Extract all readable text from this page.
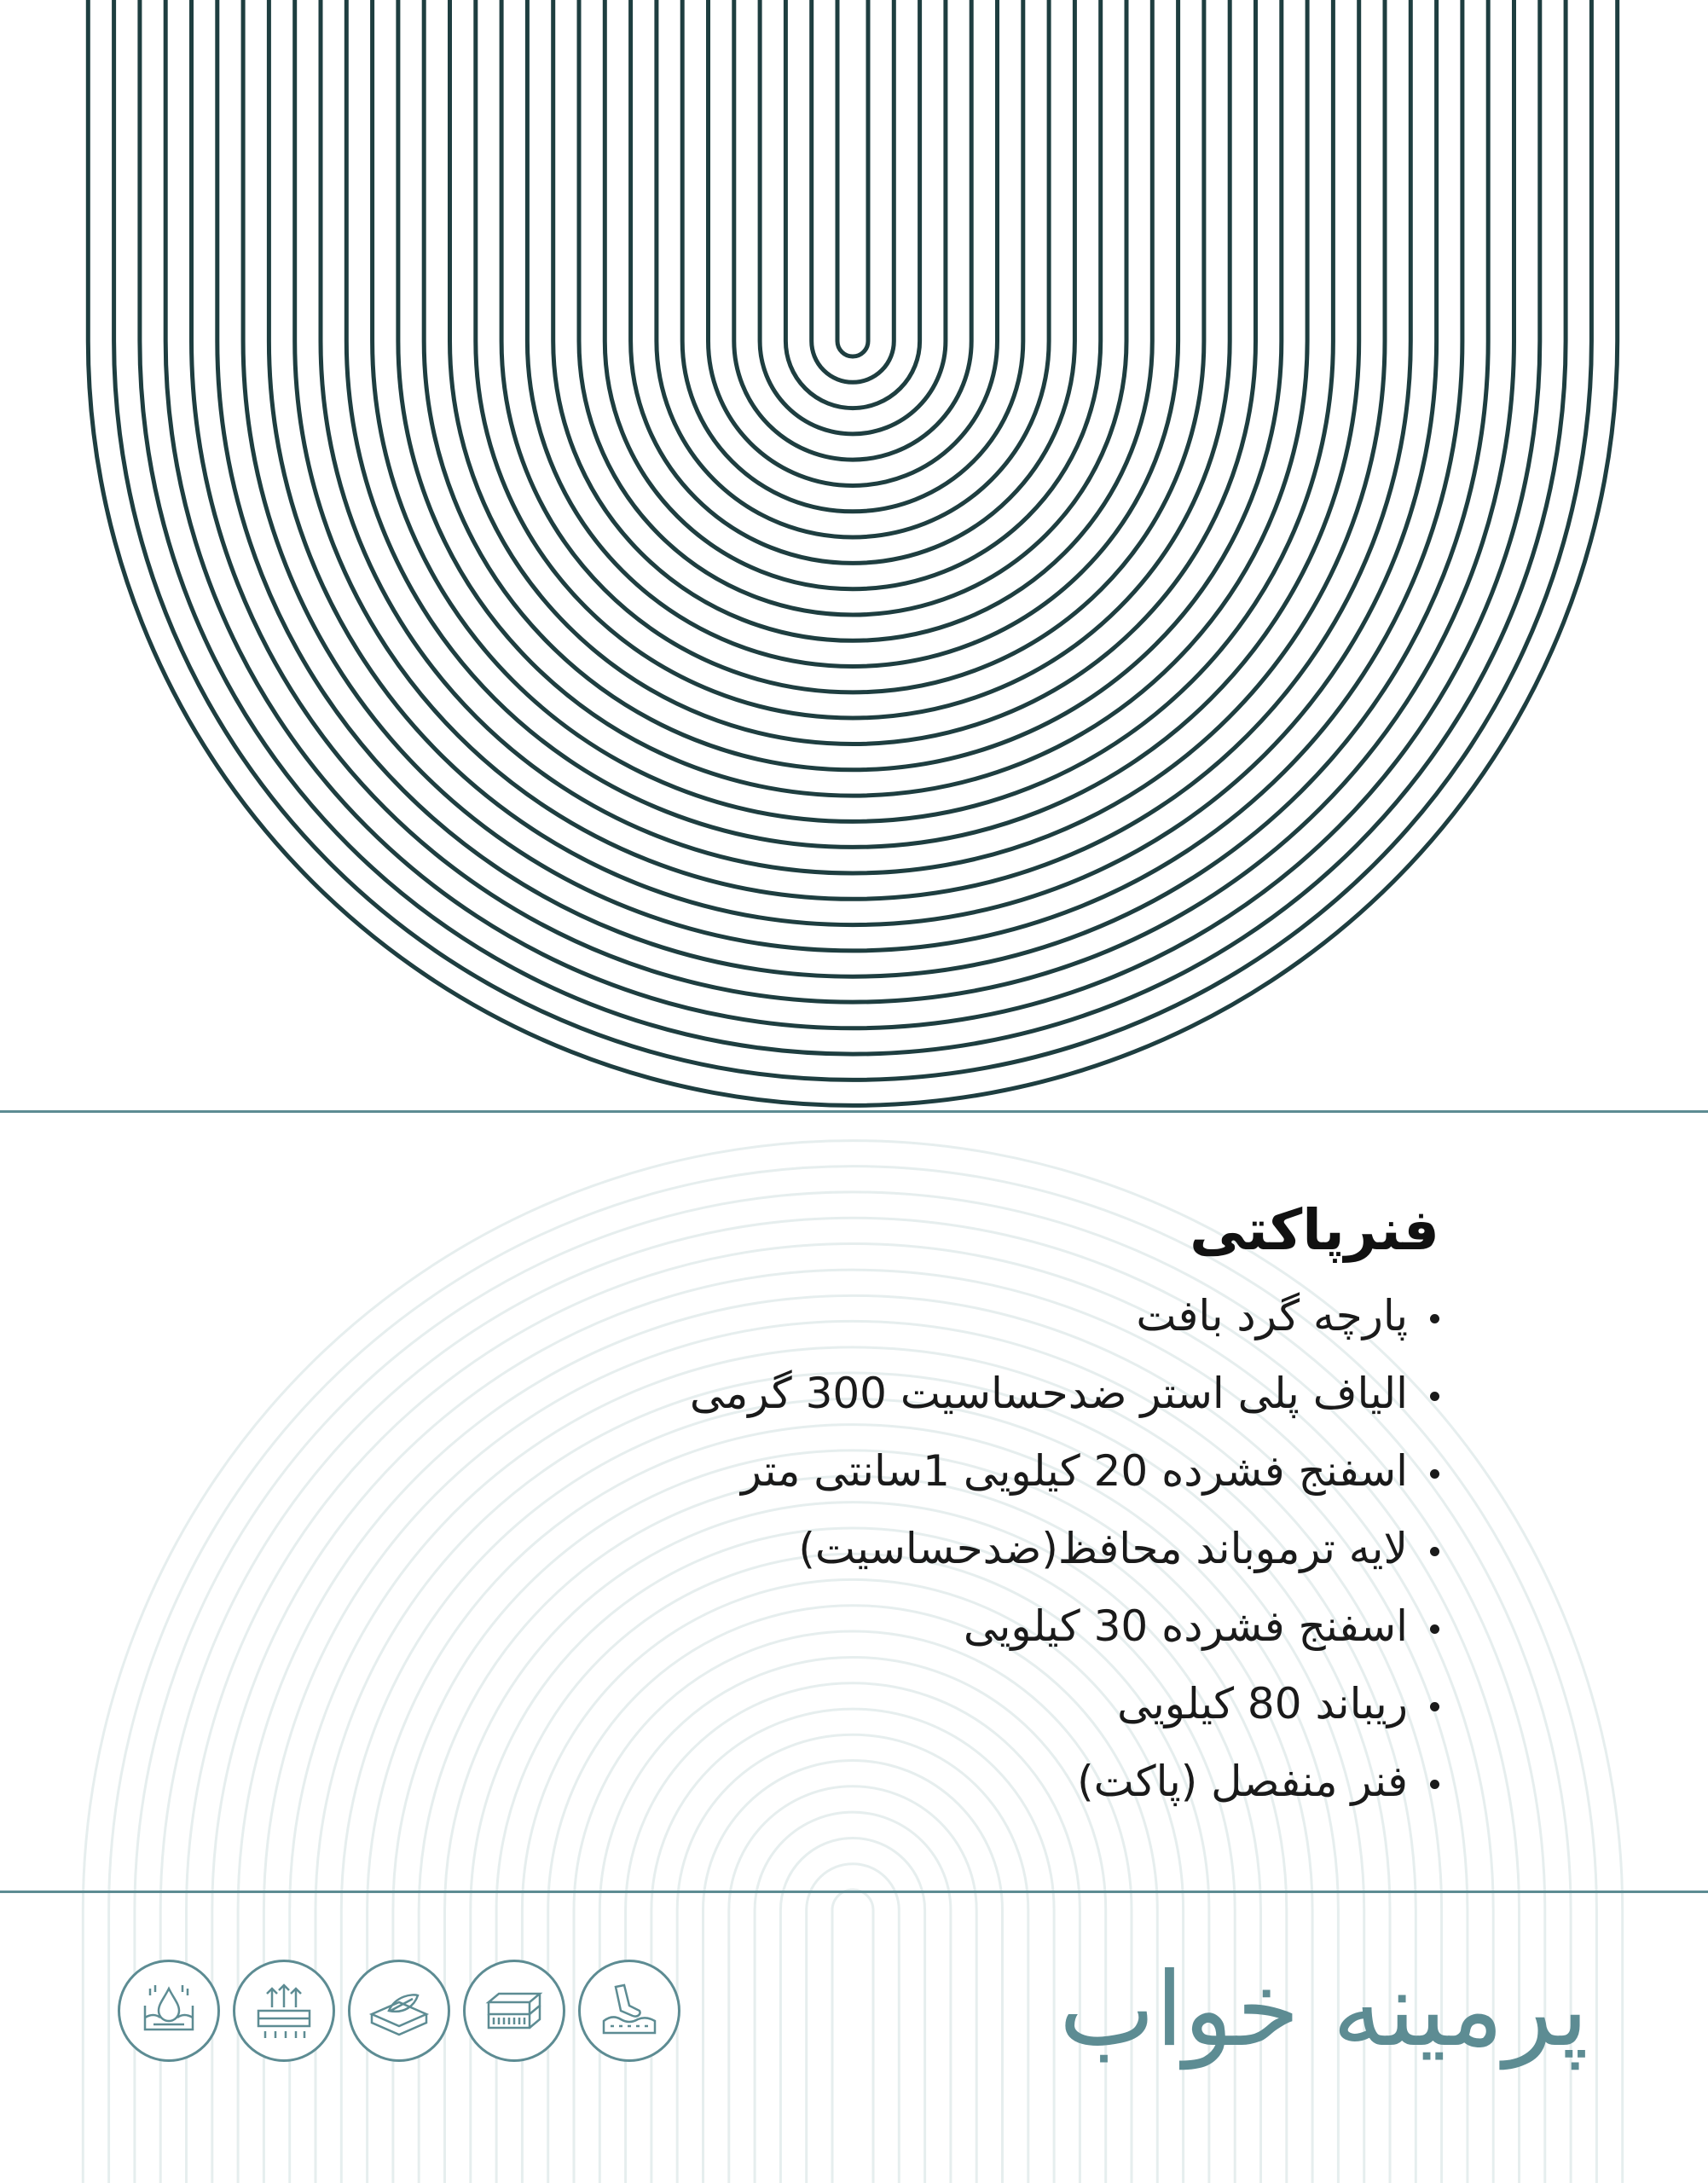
فنرپاکتی
پارچه گرد بافت
الیاف پلی استر ضدحساسیت 300 گرمی
اسفنج فشرده 20 کیلویی 1سانتی متر
لایه ترموباند محافظ(ضدحساسیت)
اسفنج فشرده 30 کیلویی
ریباند 80 کیلویی
فنر منفصل (پاکت)
پرمینه خواب
